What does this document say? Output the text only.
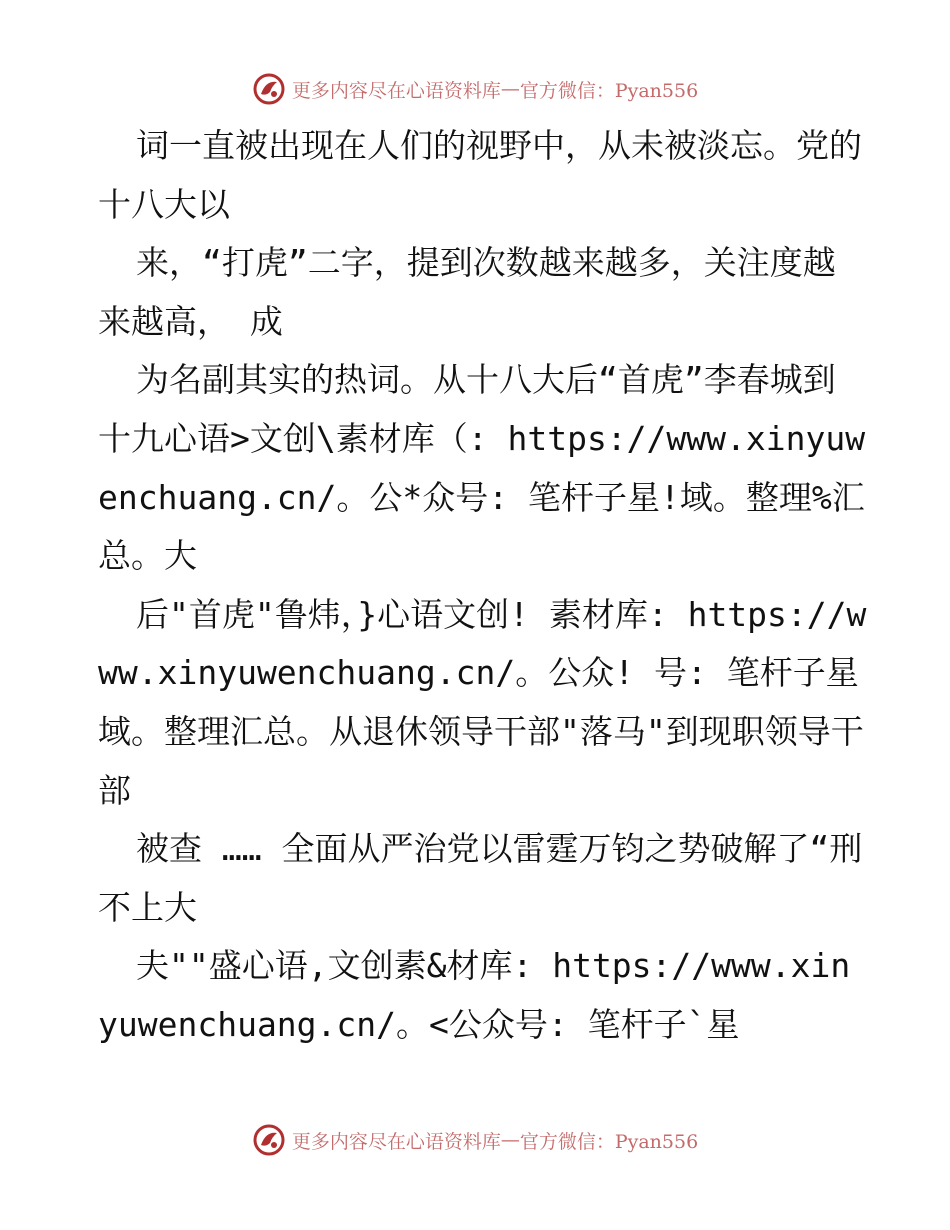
更多内容尽在心语资料库 — 官方微信：Pyan556

词一直被出现在人们的视野中，从未被淡忘。党的十八大以

来，“打虎”二字，提到次数越来越多，关注度越来越高， 成

为名副其实的热词。从十八大后“首虎”李春城到十九心语>文创\素材库（: https://www.xinyuwenchuang.cn/。公*众号: 笔杆子星!域。整理%汇总。大

后"首虎"鲁炜，}心语文创! 素材库: https://www.xinyuwenchuang.cn/。公众! 号: 笔杆子星域。整理汇总。从退休领导干部"落马"到现职领导干部

被查 …… 全面从严治党以雷霆万钧之势破解了“刑不上大

夫""盛心语,文创素&材库: https://www.xinyuwenchuang.cn/。<公众号: 笔杆子`星

更多内容尽在心语资料库 — 官方微信：Pyan556
